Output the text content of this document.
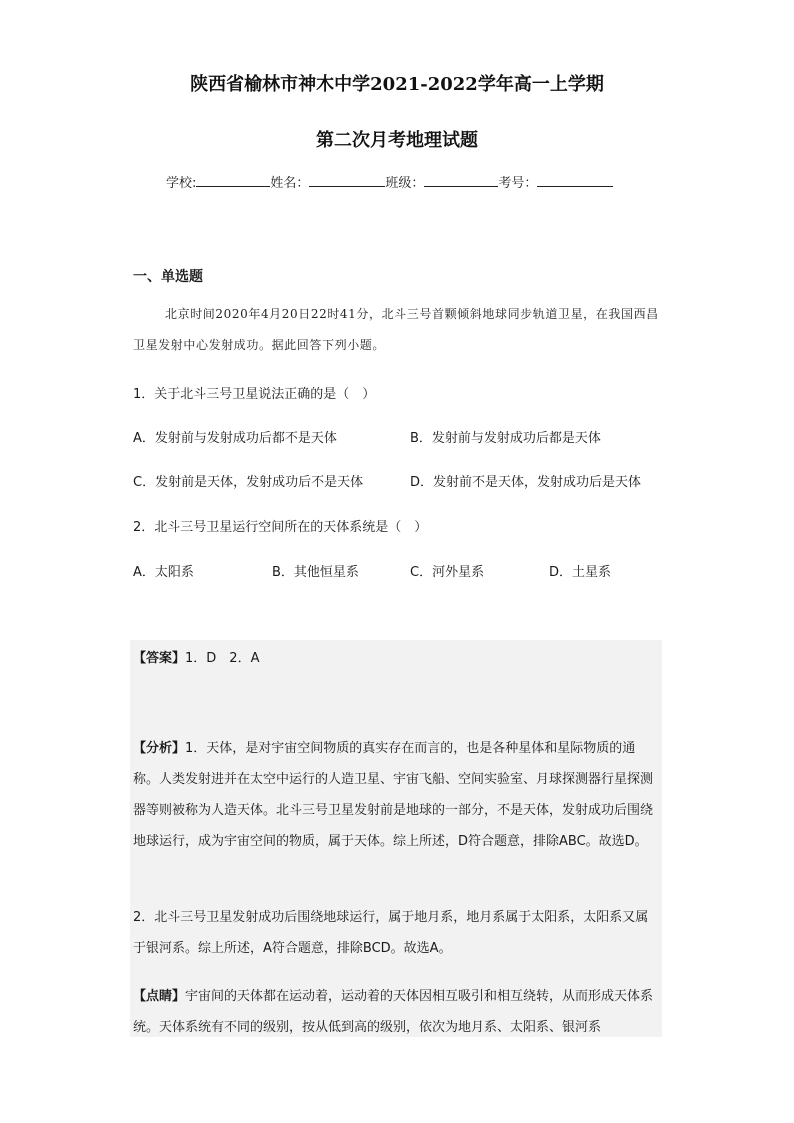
陕西省榆林市神木中学2021-2022学年高一上学期
第二次月考地理试题
学校:	姓名：	班级：	考号：
一、单选题
北京时间2020年4月20日22时41分，北斗三号首颗倾斜地球同步轨道卫星，在我国西昌卫星发射中心发射成功。据此回答下列小题。
1．关于北斗三号卫星说法正确的是（　）
A．发射前与发射成功后都不是天体	B．发射前与发射成功后都是天体
C．发射前是天体，发射成功后不是天体	D．发射前不是天体，发射成功后是天体
2．北斗三号卫星运行空间所在的天体系统是（　）
A．太阳系	B．其他恒星系	C．河外星系	D．土星系
【答案】1．D　2．A
【分析】1．天体，是对宇宙空间物质的真实存在而言的，也是各种星体和星际物质的通称。人类发射进并在太空中运行的人造卫星、宇宙飞船、空间实验室、月球探测器行星探测器等则被称为人造天体。北斗三号卫星发射前是地球的一部分，不是天体，发射成功后围绕地球运行，成为宇宙空间的物质，属于天体。综上所述，D符合题意，排除ABC。故选D。
2．北斗三号卫星发射成功后围绕地球运行，属于地月系，地月系属于太阳系，太阳系又属于银河系。综上所述，A符合题意，排除BCD。故选A。
【点睛】宇宙间的天体都在运动着，运动着的天体因相互吸引和相互绕转，从而形成天体系统。天体系统有不同的级别，按从低到高的级别，依次为地月系、太阳系、银河系
